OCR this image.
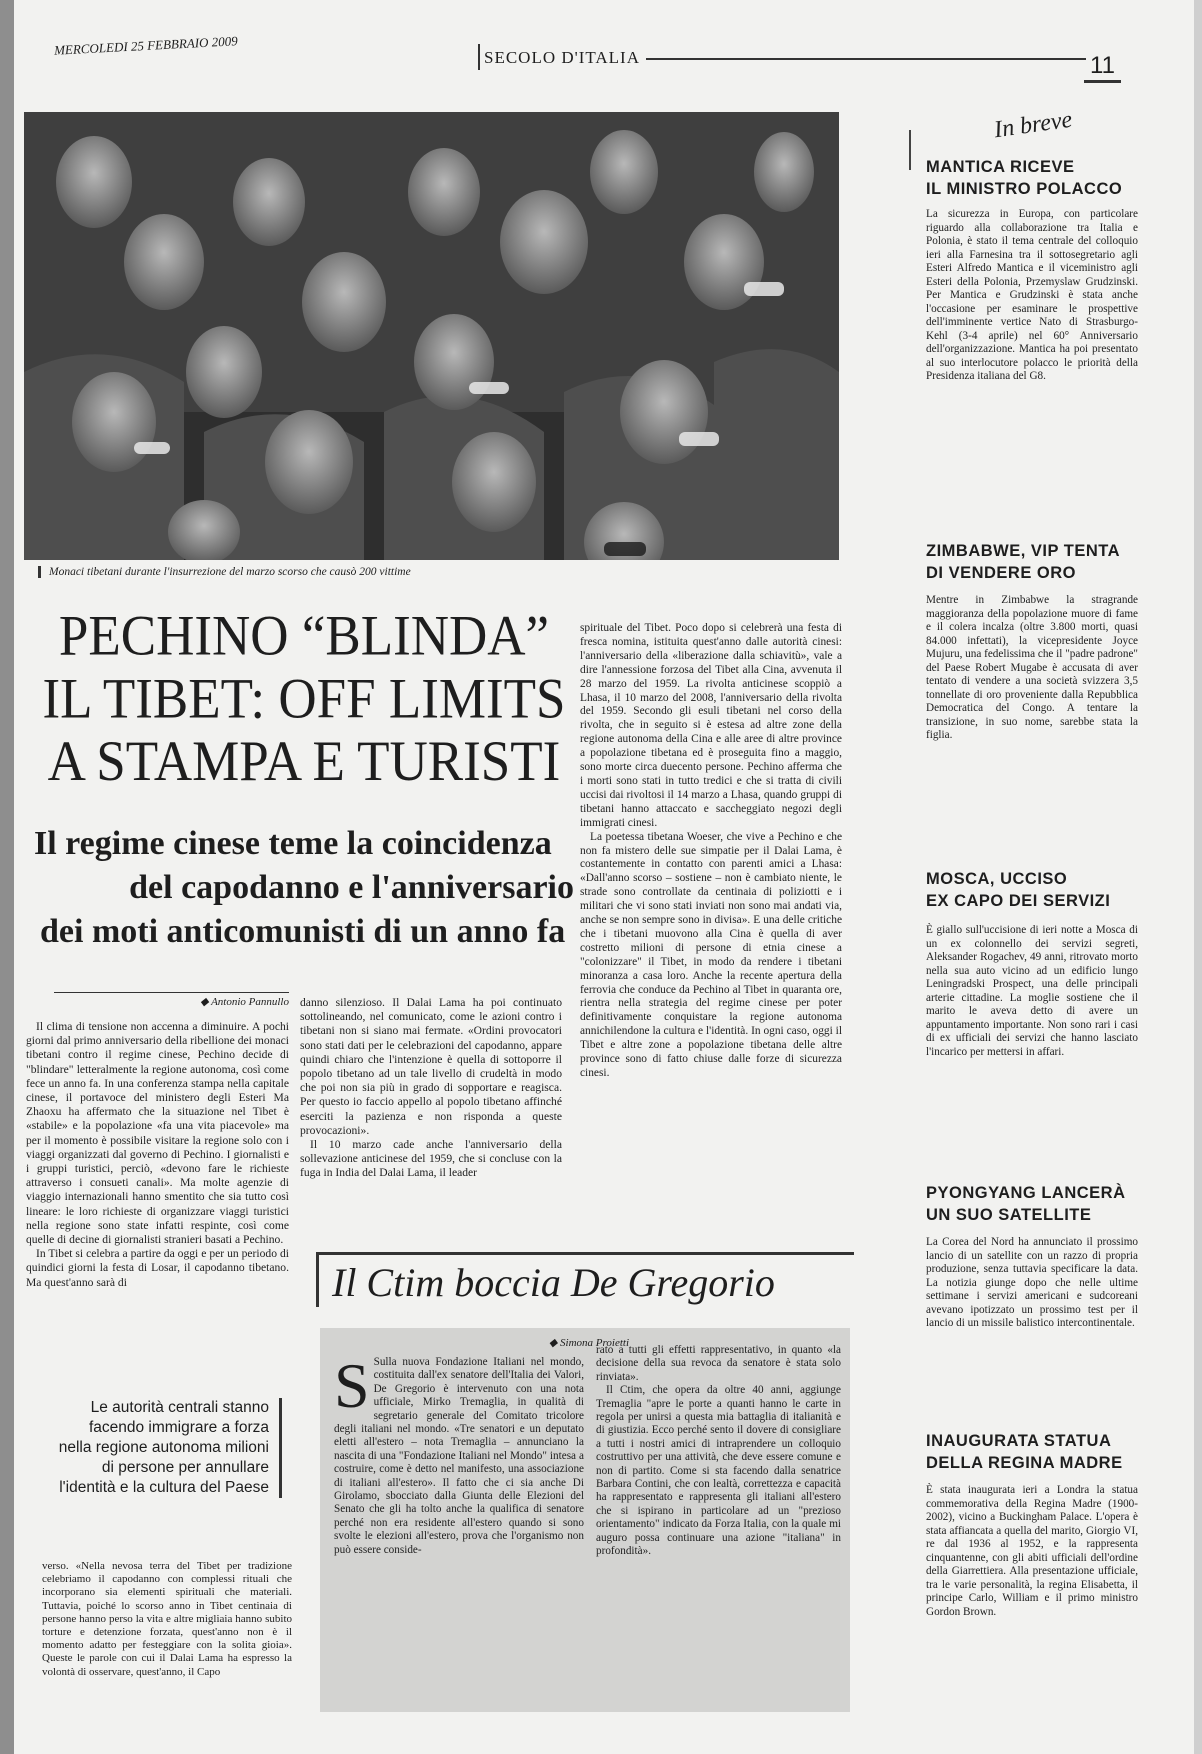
MERCOLEDI 25 FEBBRAIO 2009	SECOLO D'ITALIA	11
Monaci tibetani durante l'insurrezione del marzo scorso che causò 200 vittime
PECHINO “BLINDA” IL TIBET: OFF LIMITS A STAMPA E TURISTI
Il regime cinese teme la coincidenza
del capodanno e l'anniversario
dei moti anticomunisti di un anno fa
◆ Antonio Pannullo

Il clima di tensione non accenna a diminuire. A pochi giorni dal primo anniversario della ribellione dei monaci tibetani contro il regime cinese, Pechino decide di "blindare" letteralmente la regione autonoma, così come fece un anno fa. In una conferenza stampa nella capitale cinese, il portavoce del ministero degli Esteri Ma Zhaoxu ha affermato che la situazione nel Tibet è «stabile» e la popolazione «fa una vita piacevole» ma per il momento è possibile visitare la regione solo con i viaggi organizzati dal governo di Pechino. I giornalisti e i gruppi turistici, perciò, «devono fare le richieste attraverso i consueti canali». Ma molte agenzie di viaggio internazionali hanno smentito che sia tutto così lineare: le loro richieste di organizzare viaggi turistici nella regione sono state infatti respinte, così come quelle di decine di giornalisti stranieri basati a Pechino.

In Tibet si celebra a partire da oggi e per un periodo di quindici giorni la festa di Losar, il capodanno tibetano. Ma quest'anno sarà di

Le autorità centrali stanno facendo immigrare a forza nella regione autonoma milioni di persone per annullare l'identità e la cultura del Paese

verso. «Nella nevosa terra del Tibet per tradizione celebriamo il capodanno con complessi rituali che incorporano sia elementi spirituali che materiali. Tuttavia, poiché lo scorso anno in Tibet centinaia di persone hanno perso la vita e altre migliaia hanno subito torture e detenzione forzata, quest'anno non è il momento adatto per festeggiare con la solita gioia». Queste le parole con cui il Dalai Lama ha espresso la volontà di osservare, quest'anno, il Capo

danno silenzioso. Il Dalai Lama ha poi continuato sottolineando, nel comunicato, come le azioni contro i tibetani non si siano mai fermate. «Ordini provocatori sono stati dati per le celebrazioni del capodanno, appare quindi chiaro che l'intenzione è quella di sottoporre il popolo tibetano ad un tale livello di crudeltà in modo che poi non sia più in grado di sopportare e reagisca. Per questo io faccio appello al popolo tibetano affinché eserciti la pazienza e non risponda a queste provocazioni».

Il 10 marzo cade anche l'anniversario della sollevazione anticinese del 1959, che si concluse con la fuga in India del Dalai Lama, il leader

spirituale del Tibet. Poco dopo si celebrerà una festa di fresca nomina, istituita quest'anno dalle autorità cinesi: l'anniversario della «liberazione dalla schiavitù», vale a dire l'annessione forzosa del Tibet alla Cina, avvenuta il 28 marzo del 1959. La rivolta anticinese scoppiò a Lhasa, il 10 marzo del 2008, l'anniversario della rivolta del 1959. Secondo gli esuli tibetani nel corso della rivolta, che in seguito si è estesa ad altre zone della regione autonoma della Cina e alle aree di altre province a popolazione tibetana ed è proseguita fino a maggio, sono morte circa duecento persone. Pechino afferma che i morti sono stati in tutto tredici e che si tratta di civili uccisi dai rivoltosi il 14 marzo a Lhasa, quando gruppi di tibetani hanno attaccato e saccheggiato negozi degli immigrati cinesi.

La poetessa tibetana Woeser, che vive a Pechino e che non fa mistero delle sue simpatie per il Dalai Lama, è costantemente in contatto con parenti amici a Lhasa: «Dall'anno scorso – sostiene – non è cambiato niente, le strade sono controllate da centinaia di poliziotti e i militari che vi sono stati inviati non sono mai andati via, anche se non sempre sono in divisa». E una delle critiche che i tibetani muovono alla Cina è quella di aver costretto milioni di persone di etnia cinese a "colonizzare" il Tibet, in modo da rendere i tibetani minoranza a casa loro. Anche la recente apertura della ferrovia che conduce da Pechino al Tibet in quaranta ore, rientra nella strategia del regime cinese per poter definitivamente conquistare la regione autonoma annichilendone la cultura e l'identità. In ogni caso, oggi il Tibet e altre zone a popolazione tibetana delle altre province sono di fatto chiuse dalle forze di sicurezza cinesi.

Il Ctim boccia De Gregorio
◆ Simona Proietti

S Sulla nuova Fondazione Italiani nel mondo, costituita dall'ex senatore dell'Italia dei Valori, De Gregorio è intervenuto con una nota ufficiale, Mirko Tremaglia, in qualità di segretario generale del Comitato tricolore degli italiani nel mondo. «Tre senatori e un deputato eletti all'estero – nota Tremaglia – annunciano la nascita di una "Fondazione Italiani nel Mondo" intesa a costruire, come è detto nel manifesto, una associazione di italiani all'estero». Il fatto che ci sia anche Di Girolamo, sbocciato dalla Giunta delle Elezioni del Senato che gli ha tolto anche la qualifica di senatore perché non era residente all'estero quando si sono svolte le elezioni all'estero, prova che l'organismo non può essere conside-

rato a tutti gli effetti rappresentativo, in quanto «la decisione della sua revoca da senatore è stata solo rinviata».

Il Ctim, che opera da oltre 40 anni, aggiunge Tremaglia "apre le porte a quanti hanno le carte in regola per unirsi a questa mia battaglia di italianità e di giustizia. Ecco perché sento il dovere di consigliare a tutti i nostri amici di intraprendere un colloquio costruttivo per una attività, che deve essere comune e non di partito. Come si sta facendo dalla senatrice Barbara Contini, che con lealtà, correttezza e capacità ha rappresentato e rappresenta gli italiani all'estero che si ispirano in particolare ad un "prezioso orientamento" indicato da Forza Italia, con la quale mi auguro possa continuare una azione "italiana" in profondità».

In breve
MANTICA RICEVE
IL MINISTRO POLACCO
La sicurezza in Europa, con particolare riguardo alla collaborazione tra Italia e Polonia, è stato il tema centrale del colloquio ieri alla Farnesina tra il sottosegretario agli Esteri Alfredo Mantica e il viceministro agli Esteri della Polonia, Przemyslaw Grudzinski. Per Mantica e Grudzinski è stata anche l'occasione per esaminare le prospettive dell'imminente vertice Nato di Strasburgo-Kehl (3-4 aprile) nel 60° Anniversario dell'organizzazione. Mantica ha poi presentato al suo interlocutore polacco le priorità della Presidenza italiana del G8.
ZIMBABWE, VIP TENTA
DI VENDERE ORO
Mentre in Zimbabwe la stragrande maggioranza della popolazione muore di fame e il colera incalza (oltre 3.800 morti, quasi 84.000 infettati), la vicepresidente Joyce Mujuru, una fedelissima che il "padre padrone" del Paese Robert Mugabe è accusata di aver tentato di vendere a una società svizzera 3,5 tonnellate di oro proveniente dalla Repubblica Democratica del Congo. A tentare la transizione, in suo nome, sarebbe stata la figlia.
MOSCA, UCCISO
EX CAPO DEI SERVIZI
È giallo sull'uccisione di ieri notte a Mosca di un ex colonnello dei servizi segreti, Aleksander Rogachev, 49 anni, ritrovato morto nella sua auto vicino ad un edificio lungo Leningradski Prospect, una delle principali arterie cittadine. La moglie sostiene che il marito le aveva detto di avere un appuntamento importante. Non sono rari i casi di ex ufficiali dei servizi che hanno lasciato l'incarico per mettersi in affari.
PYONGYANG LANCERÀ
UN SUO SATELLITE
La Corea del Nord ha annunciato il prossimo lancio di un satellite con un razzo di propria produzione, senza tuttavia specificare la data. La notizia giunge dopo che nelle ultime settimane i servizi americani e sudcoreani avevano ipotizzato un prossimo test per il lancio di un missile balistico intercontinentale.
INAUGURATA STATUA
DELLA REGINA MADRE
È stata inaugurata ieri a Londra la statua commemorativa della Regina Madre (1900-2002), vicino a Buckingham Palace. L'opera è stata affiancata a quella del marito, Giorgio VI, re dal 1936 al 1952, e la rappresenta cinquantenne, con gli abiti ufficiali dell'ordine della Giarrettiera. Alla presentazione ufficiale, tra le varie personalità, la regina Elisabetta, il principe Carlo, William e il primo ministro Gordon Brown.
